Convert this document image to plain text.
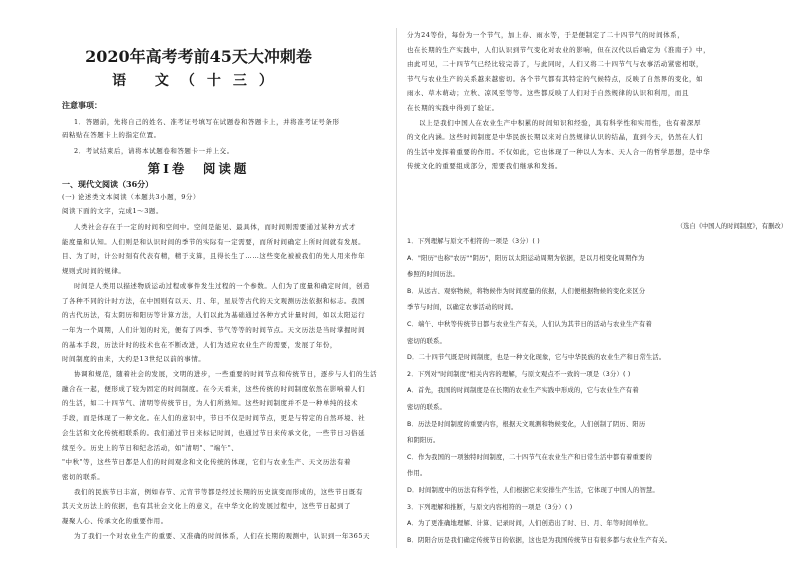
2020年高考考前45天大冲刺卷
语 文（十三）
注意事项：
1．答题前，先将自己的姓名、准考证号填写在试题卷和答题卡上，并将准考证号条形
码粘贴在答题卡上的指定位置。
2．考试结束后，请将本试题卷和答题卡一并上交。
第Ⅰ卷　阅读题
一、现代文阅读（36分）
(一) 论述类文本阅读（本题共3小题，9分）
阅读下面的文字，完成1～3题。
人类社会存在于一定的时间和空间中。空间是能见、最具体，而时间则需要通过某种方式才
能度量和认知。人们则是和认识时间的季节的实际有一定需要，而所时间确定上所时间就有发展。
目、为了时，计公时刻有代表有精，精于支算，且得长生了……这些变化被被我们的先人用来作年
规则式时间的规律。
时间是人类用以描述物质运动过程或事件发生过程的一个参数。人们为了度量和确定时间，创造
了各种不同的计时方法，在中国则有以天、月、年，星辰等古代的天文观测历法依据和标志。我国
的古代历法，有太阴历和阳历等计算方法，人们以此为基础通过各种方式计量时间，如以太阳运行
一年为一个周期，人们计划的时光，便有了四季、节气等等的时间节点。天文历法是当时掌握时间
的基本手段，历法计时的技术也在不断改进，人们为适应农业生产的需要，发展了年份，
时间制度的由来，大约是13世纪以前的事情。
协调和规范，随着社会的发展，文明的进步，一些重要的时间节点和传统节日，逐步与人们的生活
融合在一起，便形成了较为固定的时间制度。在今天看来，这些传统的时间制度依然在影响着人们
的生活，如二十四节气、清明等传统节日，为人们所熟知。这些时间制度并不是一种单纯的技术
手段，而是体现了一种文化。在人们的意识中，节日不仅是时间节点，更是与特定的自然环境、社
会生活和文化传统相联系的。我们通过节日来标记时间，也通过节日来传承文化，一些节日习俗延
续至今。历史上的节日和纪念活动，如"清明"、"端午"、
"中秋"等，这些节日都是人们的时间观念和文化传统的体现，它们与农业生产、天文历法有着
密切的联系。
我们的民族节日丰富，例如春节、元宵节等都是经过长期的历史演变而形成的，这些节日既有
其天文历法上的依据，也有其社会文化上的意义，在中华文化的发展过程中，这些节日起到了
凝聚人心、传承文化的重要作用。
为了我们一个对农业生产的重要、又准确的时间体系，人们在长期的观测中，认识到一年365天
分为24等份，每份为一个节气，加上春、雨水等，于是便制定了二十四节气的时间体系，
也在长期的生产实践中，人们认识到节气变化对农业的影响，但在汉代以后确定为《淮南子》中，
由此可见，二十四节气已经比较完善了，与此同时，人们又将二十四节气与农事活动紧密相联，
节气与农业生产的关系越来越密切。各个节气都有其特定的气候特点，反映了自然界的变化，如
雨水、草木萌动；立秋、凉风至等等。这些都反映了人们对于自然规律的认识和利用，而且
在长期的实践中得到了验证。
以上是我们中国人在农业生产中积累的时间知识和经验，具有科学性和实用性，也有着深厚
的文化内涵。这些时间制度是中华民族长期以来对自然规律认识的结晶，直到今天，仍然在人们
的生活中发挥着重要的作用。不仅如此，它也体现了一种以人为本、天人合一的哲学思想，是中华
传统文化的重要组成部分，需要我们继承和发扬。
（选自《中国人的时间制度》，有删改）
1．下列理解与原文不相符的一项是（3分）( )
A．"阳历"也称"农历""阴历"，阳历以太阳运动周期为依据，是以月相变化周期作为
参照的时间历法。
B．从远古、观察物候，将物候作为时间度量的依据，人们便根据物候的变化来区分
季节与时间，以确定农事活动的时间。
C．端午、中秋等传统节日都与农业生产有关，人们认为其节日的活动与农业生产有着
密切的联系。
D．二十四节气既是时间制度，也是一种文化现象，它与中华民族的农业生产和日常生活。
2．下列对"时间制度"相关内容的理解，与原文观点不一致的一项是（3分）( )
A．首先，我国的时间制度是在长期的农业生产实践中形成的，它与农业生产有着
密切的联系。
B．历法是时间制度的重要内容，根据天文观测和物候变化，人们创制了阴历、阳历
和阴阳历。
C．作为我国的一项独特时间制度，二十四节气在农业生产和日常生活中都有着重要的
作用。
D．时间制度中的历法有科学性，人们根据它来安排生产生活，它体现了中国人的智慧。
3．下列理解和推断，与原文内容相符的一项是（3分）( )
A．为了更准确地理解、计算、记录时间，人们创造出了时、日、月、年等时间单位。
B．阴阳合历是我们确定传统节日的依据，这也是为我国传统节日有很多都与农业生产有关。
